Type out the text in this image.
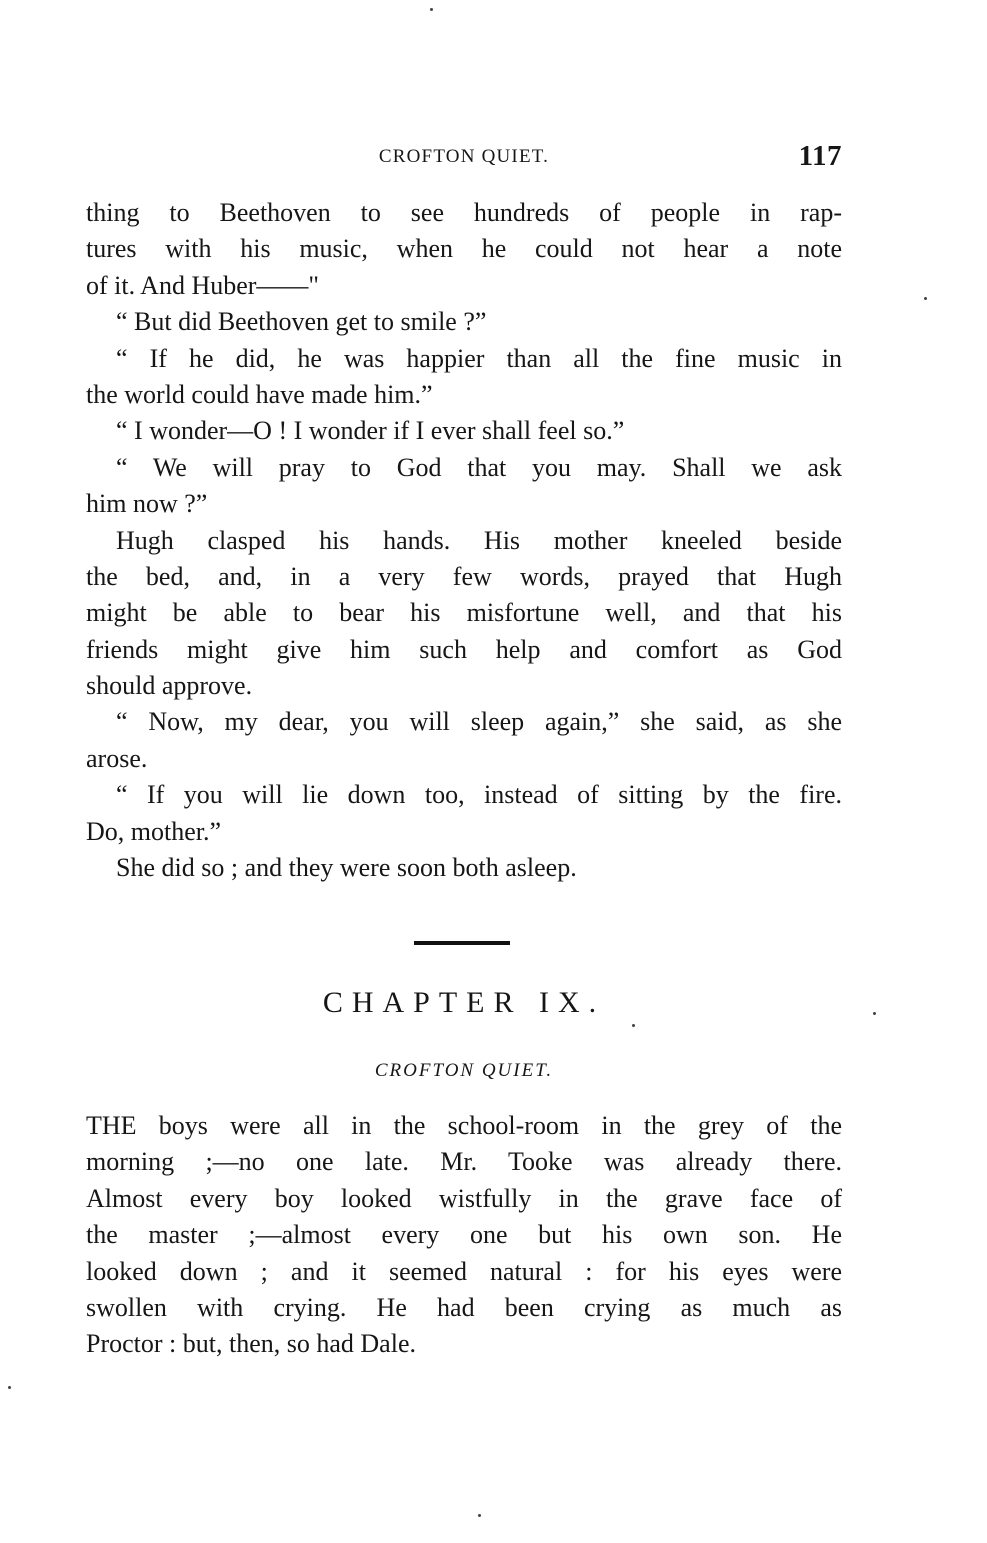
CROFTON QUIET.	117
thing to Beethoven to see hundreds of people in rap-
tures with his music, when he could not hear a note
of it. And Huber——"
“ But did Beethoven get to smile ?”
“ If he did, he was happier than all the fine music in
the world could have made him.”
“ I wonder—O ! I wonder if I ever shall feel so.”
“ We will pray to God that you may. Shall we ask
him now ?”
Hugh clasped his hands. His mother kneeled beside
the bed, and, in a very few words, prayed that Hugh
might be able to bear his misfortune well, and that his
friends might give him such help and comfort as God
should approve.
“ Now, my dear, you will sleep again,” she said, as she
arose.
“ If you will lie down too, instead of sitting by the fire.
Do, mother.”
She did so ; and they were soon both asleep.
CHAPTER IX.
CROFTON QUIET.
THE boys were all in the school-room in the grey of the
morning ;—no one late. Mr. Tooke was already there.
Almost every boy looked wistfully in the grave face of
the master ;—almost every one but his own son. He
looked down ; and it seemed natural : for his eyes were
swollen with crying. He had been crying as much as
Proctor : but, then, so had Dale.
